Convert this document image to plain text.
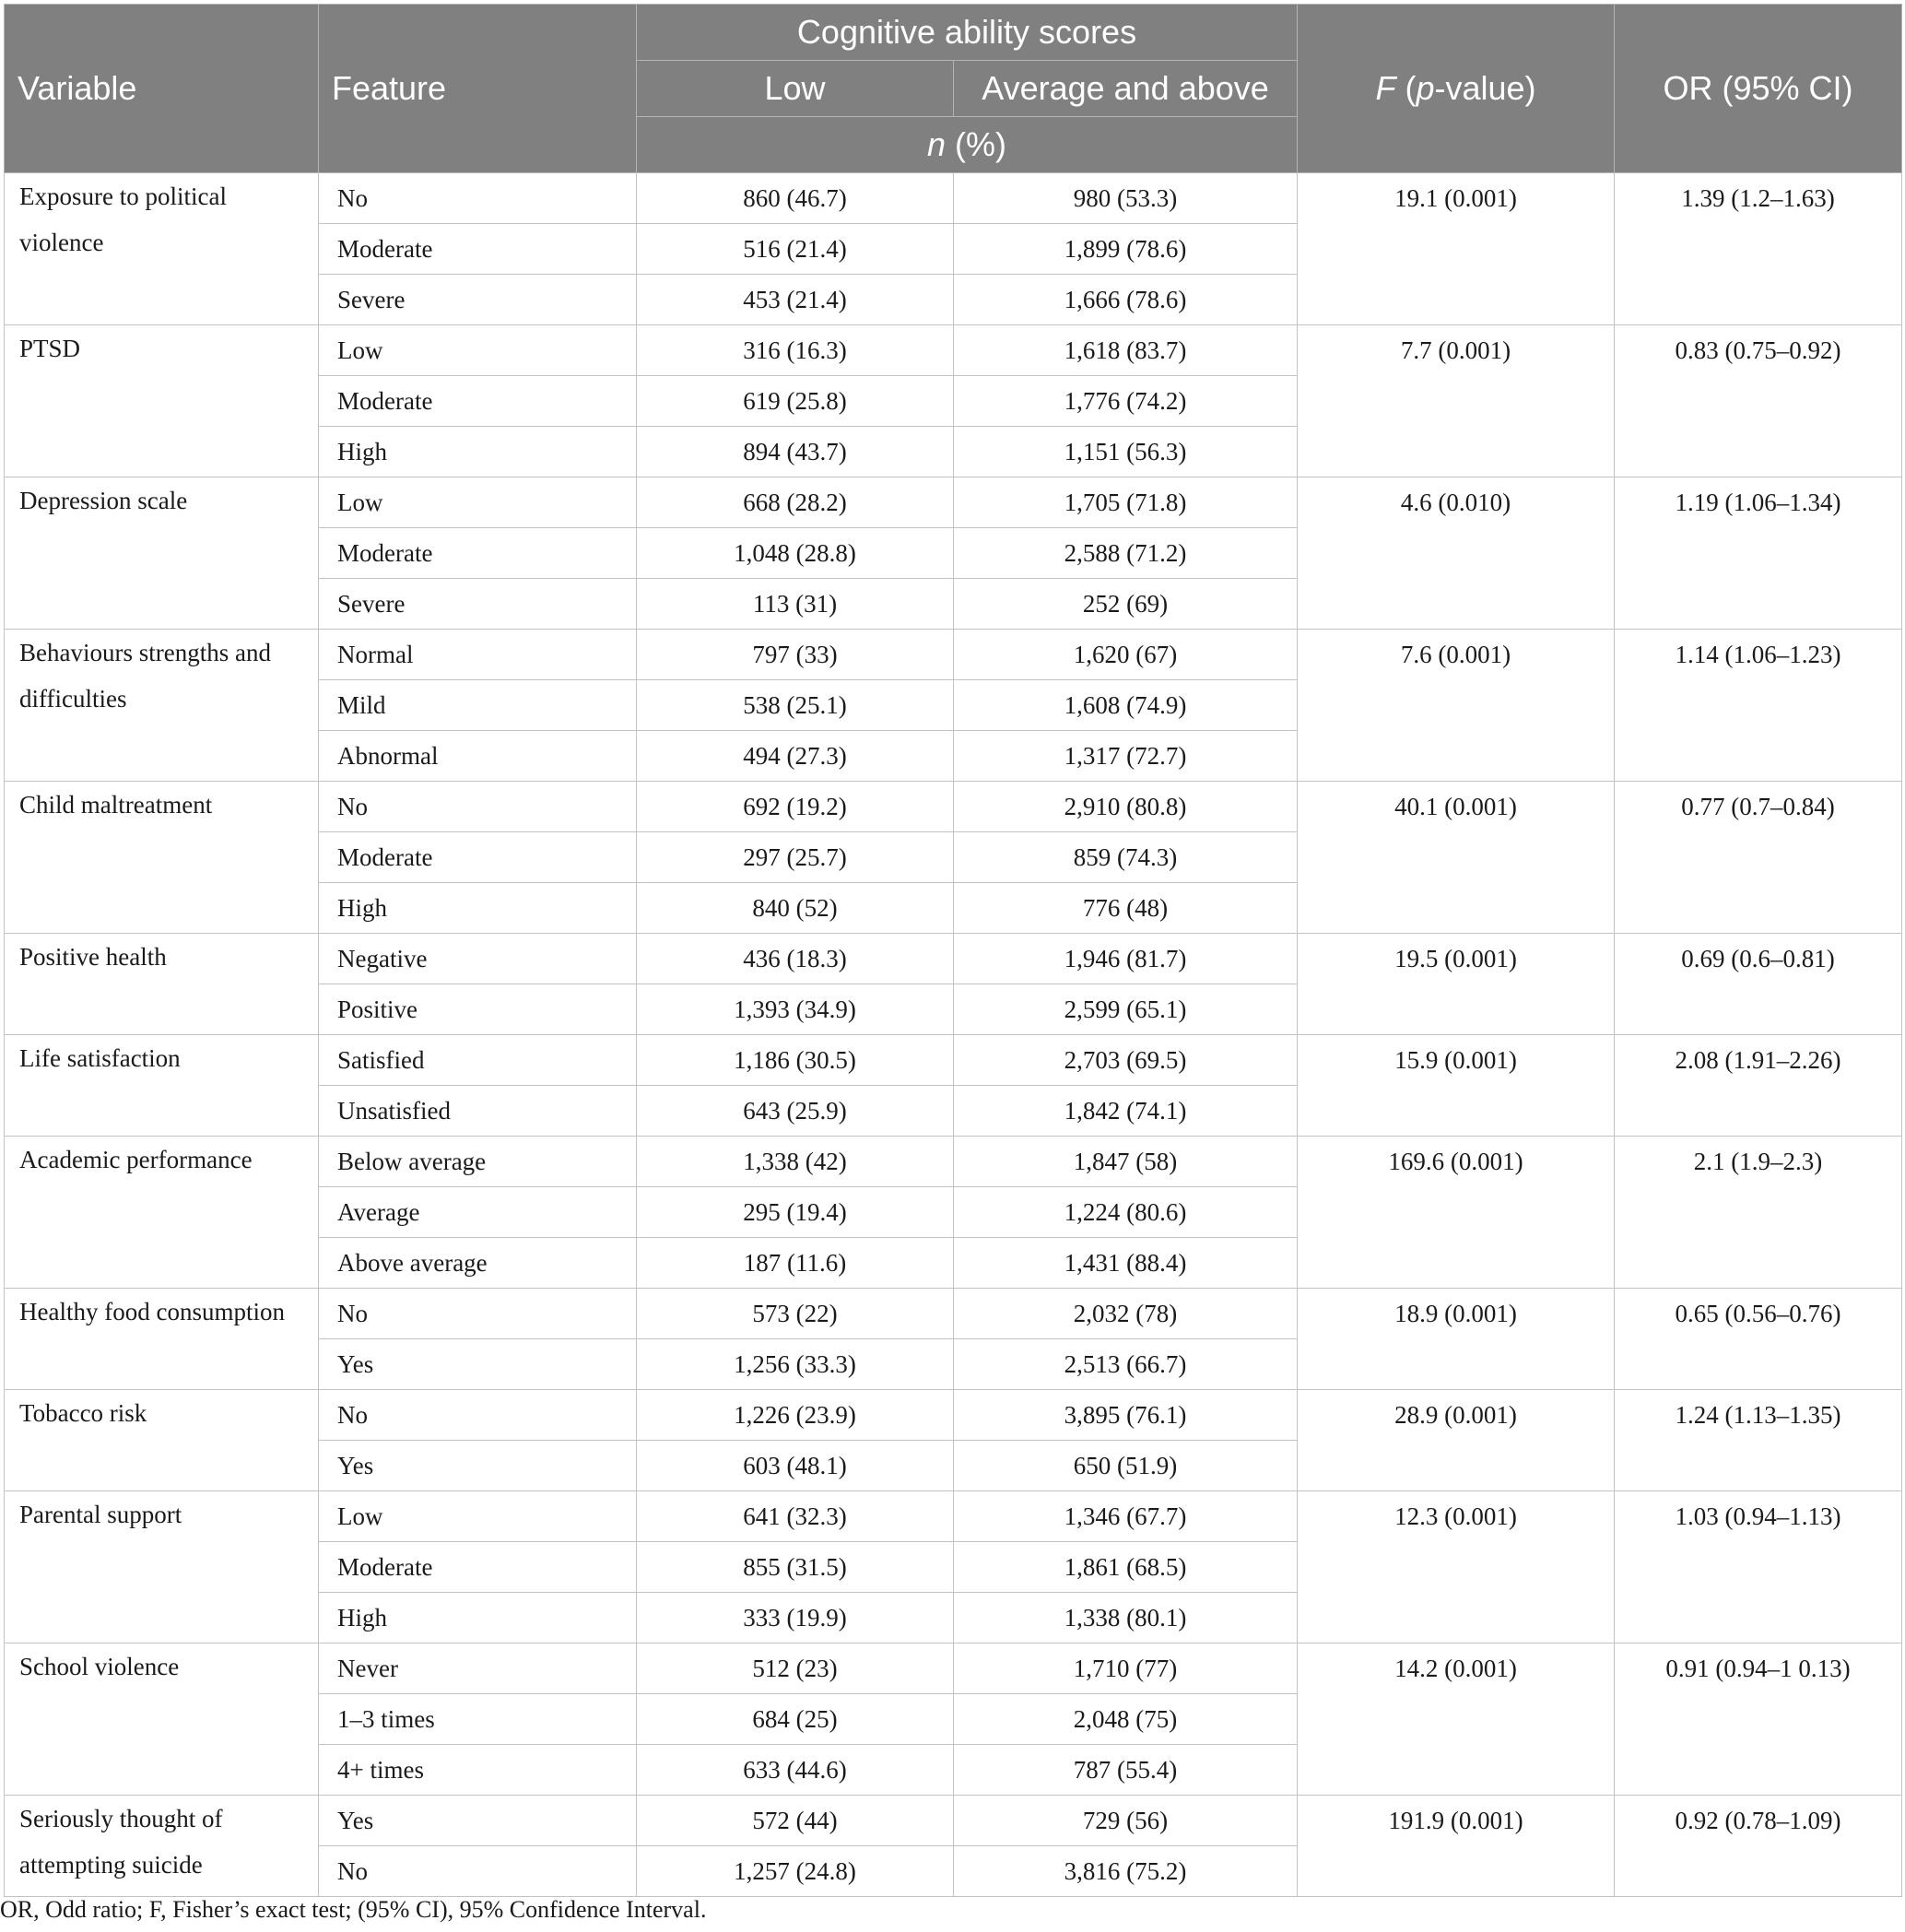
Variable	Feature	Cognitive ability scores		F (p-value)	OR (95% CI)
		Low	Average and above		
		n (%)			
Exposure to political violence	No	860 (46.7)	980 (53.3)	19.1 (0.001)	1.39 (1.2–1.63)
	Moderate	516 (21.4)	1,899 (78.6)		
	Severe	453 (21.4)	1,666 (78.6)		
PTSD	Low	316 (16.3)	1,618 (83.7)	7.7 (0.001)	0.83 (0.75–0.92)
	Moderate	619 (25.8)	1,776 (74.2)		
	High	894 (43.7)	1,151 (56.3)		
Depression scale	Low	668 (28.2)	1,705 (71.8)	4.6 (0.010)	1.19 (1.06–1.34)
	Moderate	1,048 (28.8)	2,588 (71.2)		
	Severe	113 (31)	252 (69)		
Behaviours strengths and difficulties	Normal	797 (33)	1,620 (67)	7.6 (0.001)	1.14 (1.06–1.23)
	Mild	538 (25.1)	1,608 (74.9)		
	Abnormal	494 (27.3)	1,317 (72.7)		
Child maltreatment	No	692 (19.2)	2,910 (80.8)	40.1 (0.001)	0.77 (0.7–0.84)
	Moderate	297 (25.7)	859 (74.3)		
	High	840 (52)	776 (48)		
Positive health	Negative	436 (18.3)	1,946 (81.7)	19.5 (0.001)	0.69 (0.6–0.81)
	Positive	1,393 (34.9)	2,599 (65.1)		
Life satisfaction	Satisfied	1,186 (30.5)	2,703 (69.5)	15.9 (0.001)	2.08 (1.91–2.26)
	Unsatisfied	643 (25.9)	1,842 (74.1)		
Academic performance	Below average	1,338 (42)	1,847 (58)	169.6 (0.001)	2.1 (1.9–2.3)
	Average	295 (19.4)	1,224 (80.6)		
	Above average	187 (11.6)	1,431 (88.4)		
Healthy food consumption	No	573 (22)	2,032 (78)	18.9 (0.001)	0.65 (0.56–0.76)
	Yes	1,256 (33.3)	2,513 (66.7)		
Tobacco risk	No	1,226 (23.9)	3,895 (76.1)	28.9 (0.001)	1.24 (1.13–1.35)
	Yes	603 (48.1)	650 (51.9)		
Parental support	Low	641 (32.3)	1,346 (67.7)	12.3 (0.001)	1.03 (0.94–1.13)
	Moderate	855 (31.5)	1,861 (68.5)		
	High	333 (19.9)	1,338 (80.1)		
School violence	Never	512 (23)	1,710 (77)	14.2 (0.001)	0.91 (0.94–1 0.13)
	1–3 times	684 (25)	2,048 (75)		
	4+ times	633 (44.6)	787 (55.4)		
Seriously thought of attempting suicide	Yes	572 (44)	729 (56)	191.9 (0.001)	0.92 (0.78–1.09)
	No	1,257 (24.8)	3,816 (75.2)		
OR, Odd ratio; F, Fisher’s exact test; (95% CI), 95% Confidence Interval.
